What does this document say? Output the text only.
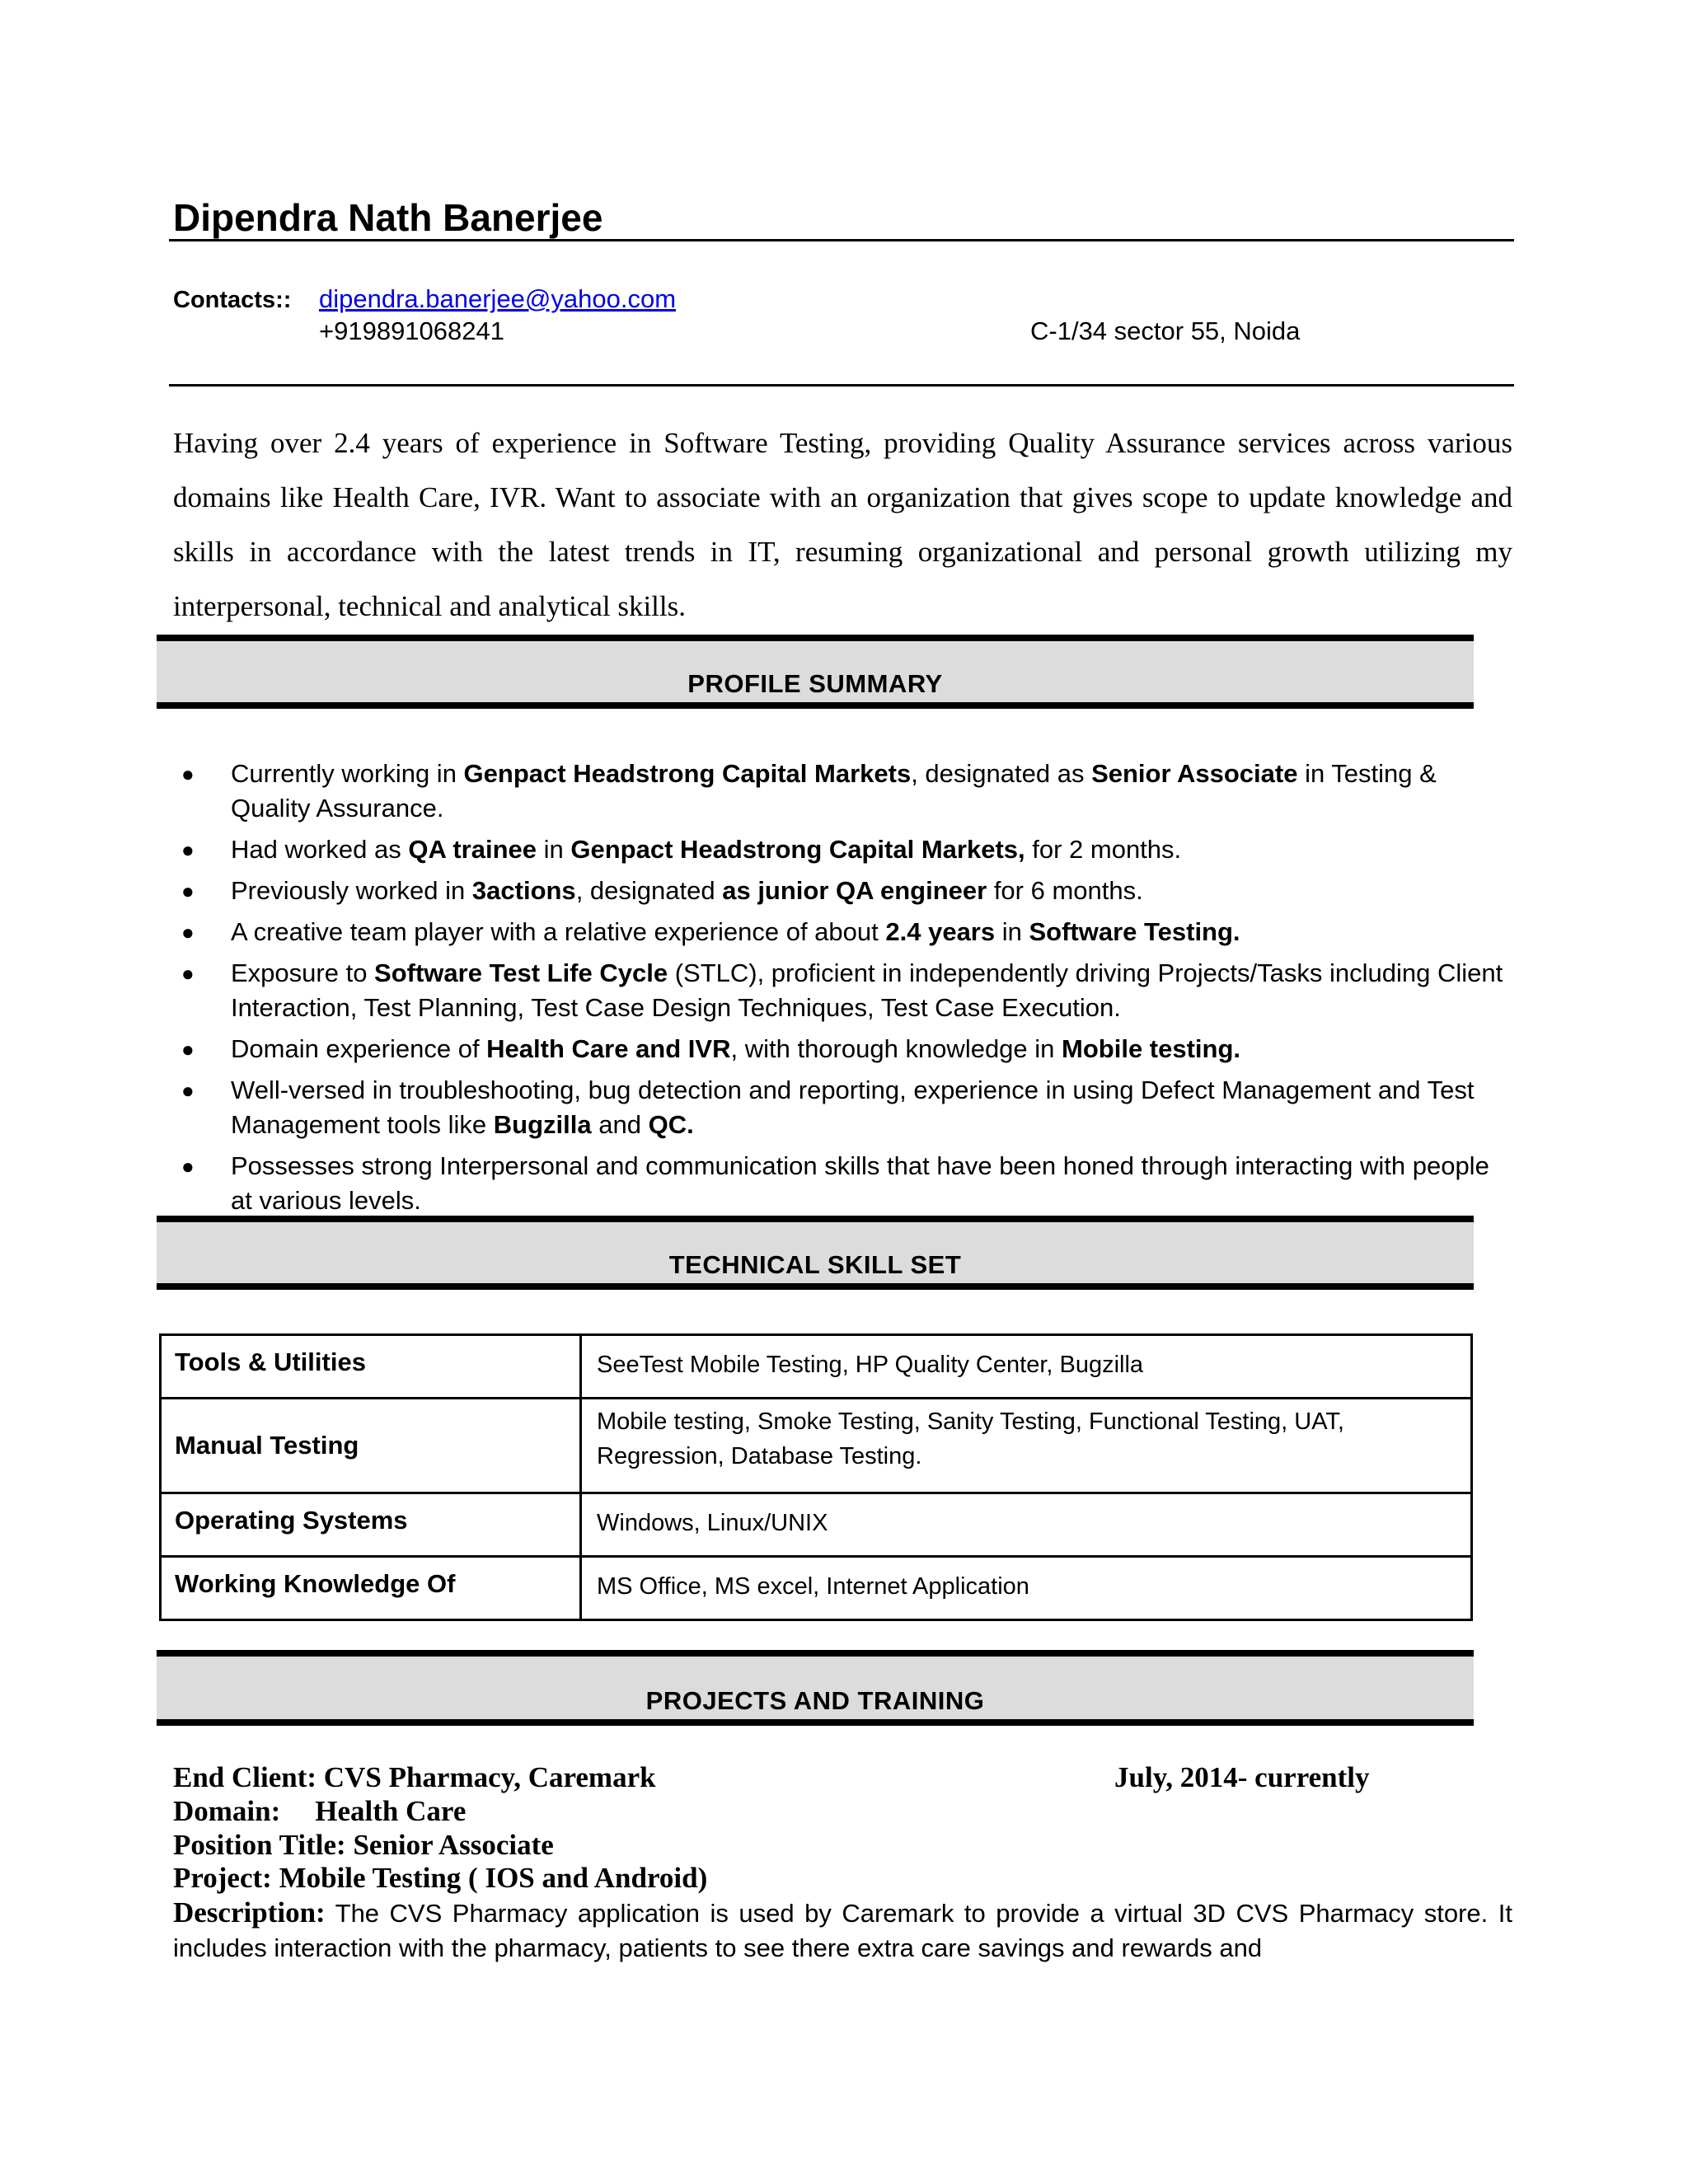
Dipendra Nath Banerjee
Contacts:: dipendra.banerjee@yahoo.com
+919891068241	C-1/34 sector 55, Noida
Having over 2.4 years of experience in Software Testing, providing Quality Assurance services across various domains like Health Care, IVR. Want to associate with an organization that gives scope to update knowledge and skills in accordance with the latest trends in IT, resuming organizational and personal growth utilizing my interpersonal, technical and analytical skills.
PROFILE SUMMARY
● Currently working in Genpact Headstrong Capital Markets, designated as Senior Associate in Testing & Quality Assurance.
● Had worked as QA trainee in Genpact Headstrong Capital Markets, for 2 months.
● Previously worked in 3actions, designated as junior QA engineer for 6 months.
● A creative team player with a relative experience of about 2.4 years in Software Testing.
● Exposure to Software Test Life Cycle (STLC), proficient in independently driving Projects/Tasks including Client Interaction, Test Planning, Test Case Design Techniques, Test Case Execution.
● Domain experience of Health Care and IVR, with thorough knowledge in Mobile testing.
● Well-versed in troubleshooting, bug detection and reporting, experience in using Defect Management and Test Management tools like Bugzilla and QC.
● Possesses strong Interpersonal and communication skills that have been honed through interacting with people at various levels.
TECHNICAL SKILL SET
Tools & Utilities	SeeTest Mobile Testing, HP Quality Center, Bugzilla
Manual Testing	Mobile testing, Smoke Testing, Sanity Testing, Functional Testing, UAT, Regression, Database Testing.
Operating Systems	Windows, Linux/UNIX
Working Knowledge Of	MS Office, MS excel, Internet Application
PROJECTS AND TRAINING
End Client: CVS Pharmacy, Caremark	July, 2014- currently
Domain: Health Care
Position Title: Senior Associate
Project: Mobile Testing ( IOS and Android)
Description: The CVS Pharmacy application is used by Caremark to provide a virtual 3D CVS Pharmacy store. It includes interaction with the pharmacy, patients to see there extra care savings and rewards and
